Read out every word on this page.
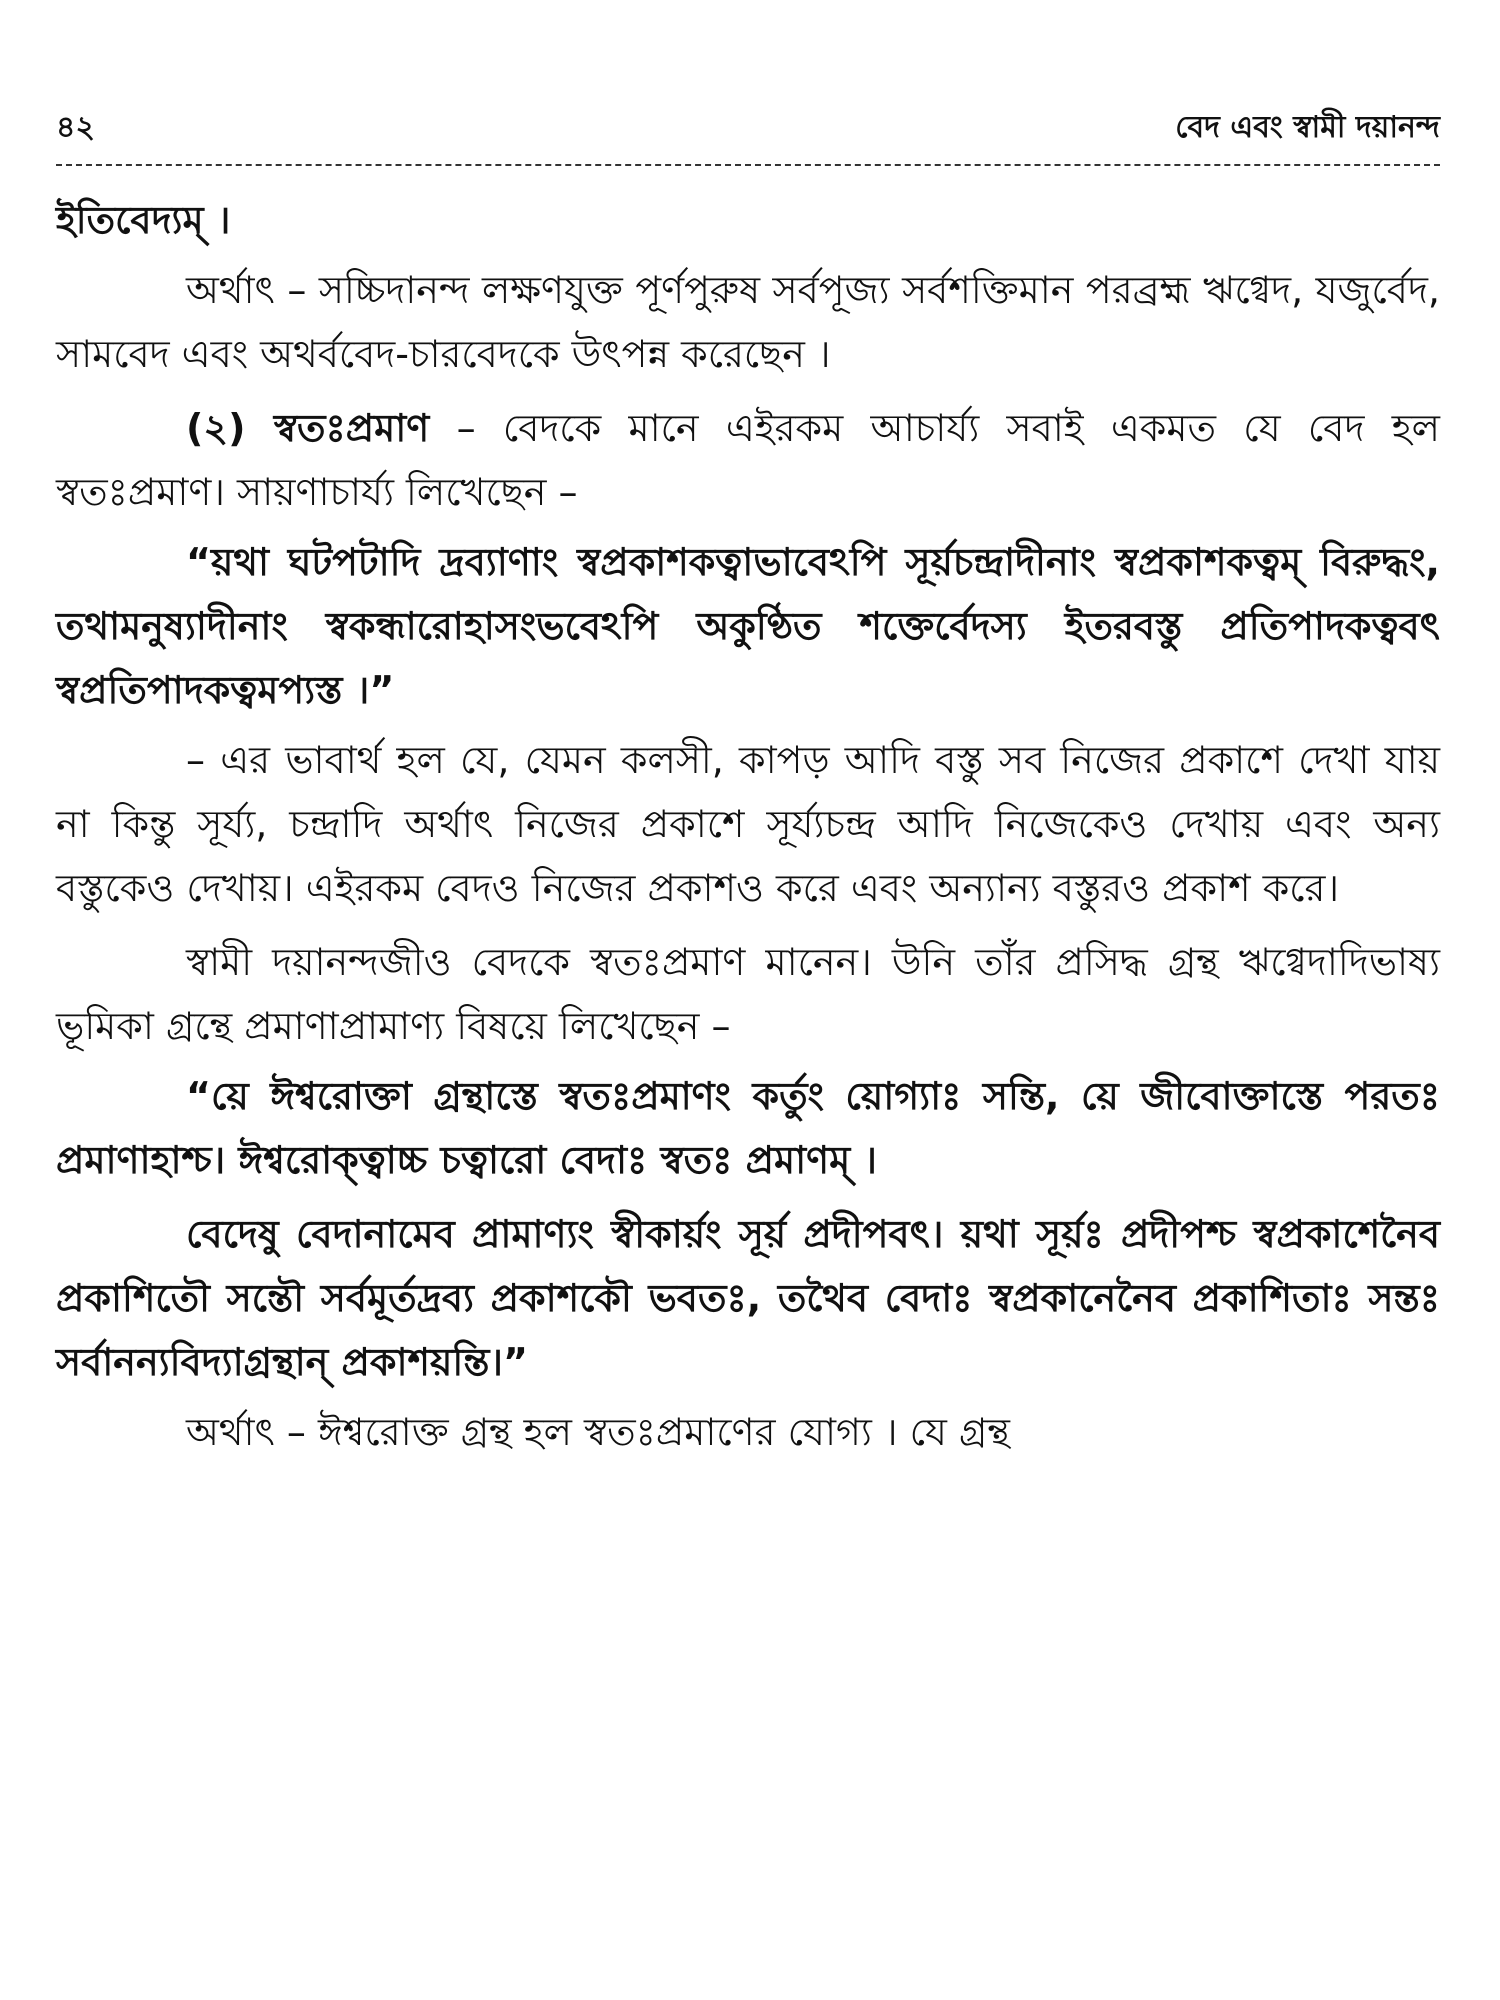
৪২	বেদ এবং স্বামী দয়ানন্দ

ইতিবেদ্যম্ ।

অর্থাৎ – সচ্চিদানন্দ লক্ষণযুক্ত পূর্ণপুরুষ সর্বপূজ্য সর্বশক্তিমান পরব্রহ্ম ঋগ্বেদ, যজুর্বেদ, সামবেদ এবং অথর্ববেদ-চারবেদকে উৎপন্ন করেছেন ।

(২) স্বতঃপ্রমাণ – বেদকে মানে এইরকম আচার্য্য সবাই একমত যে বেদ হল স্বতঃপ্রমাণ। সায়ণাচার্য্য লিখেছেন –

“য়থা ঘটপটাদি দ্রব্যাণাং স্বপ্রকাশকত্বাভাবেঽপি সূর্য়চন্দ্রাদীনাং স্বপ্রকাশকত্বম্ বিরুদ্ধং, তথামনুষ্যাদীনাং স্বকন্ধারোহাসংভবেঽপি অকুণ্ঠিত শক্তের্বেদস্য ইতরবস্তু প্রতিপাদকত্ববৎ স্বপ্রতিপাদকত্বমপ্যস্ত ।”

– এর ভাবার্থ হল যে, যেমন কলসী, কাপড় আদি বস্তু সব নিজের প্রকাশে দেখা যায় না কিন্তু সূর্য্য, চন্দ্রাদি অর্থাৎ নিজের প্রকাশে সূর্য্যচন্দ্র আদি নিজেকেও দেখায় এবং অন্য বস্তুকেও দেখায়। এইরকম বেদও নিজের প্রকাশও করে এবং অন্যান্য বস্তুরও প্রকাশ করে।

স্বামী দয়ানন্দজীও বেদকে স্বতঃপ্রমাণ মানেন। উনি তাঁর প্রসিদ্ধ গ্রন্থ ঋগ্বেদাদিভাষ্য ভূমিকা গ্রন্থে প্রমাণাপ্রামাণ্য বিষয়ে লিখেছেন –

“য়ে ঈশ্বরোক্তা গ্রন্থাস্তে স্বতঃপ্রমাণং কর্তুং য়োগ্যাঃ সন্তি, য়ে জীবোক্তাস্তে পরতঃ প্রমাণাহাশ্চ। ঈশ্বরোক্ত্বাচ্চ চত্বারো বেদাঃ স্বতঃ প্রমাণম্ ।

বেদেষু বেদানামেব প্রামাণ্যং স্বীকার্য়ং সূর্য় প্রদীপবৎ। য়থা সূর্য়ঃ প্রদীপশ্চ স্বপ্রকাশেনৈব প্রকাশিতৌ সন্তৌ সর্বমূর্তদ্রব্য প্রকাশকৌ ভবতঃ, তথৈব বেদাঃ স্বপ্রকানেনৈব প্রকাশিতাঃ সন্তঃ সর্বানন্যবিদ্যাগ্রন্থান্ প্রকাশয়ন্তি।”

অর্থাৎ – ঈশ্বরোক্ত গ্রন্থ হল স্বতঃপ্রমাণের যোগ্য । যে গ্রন্থ
